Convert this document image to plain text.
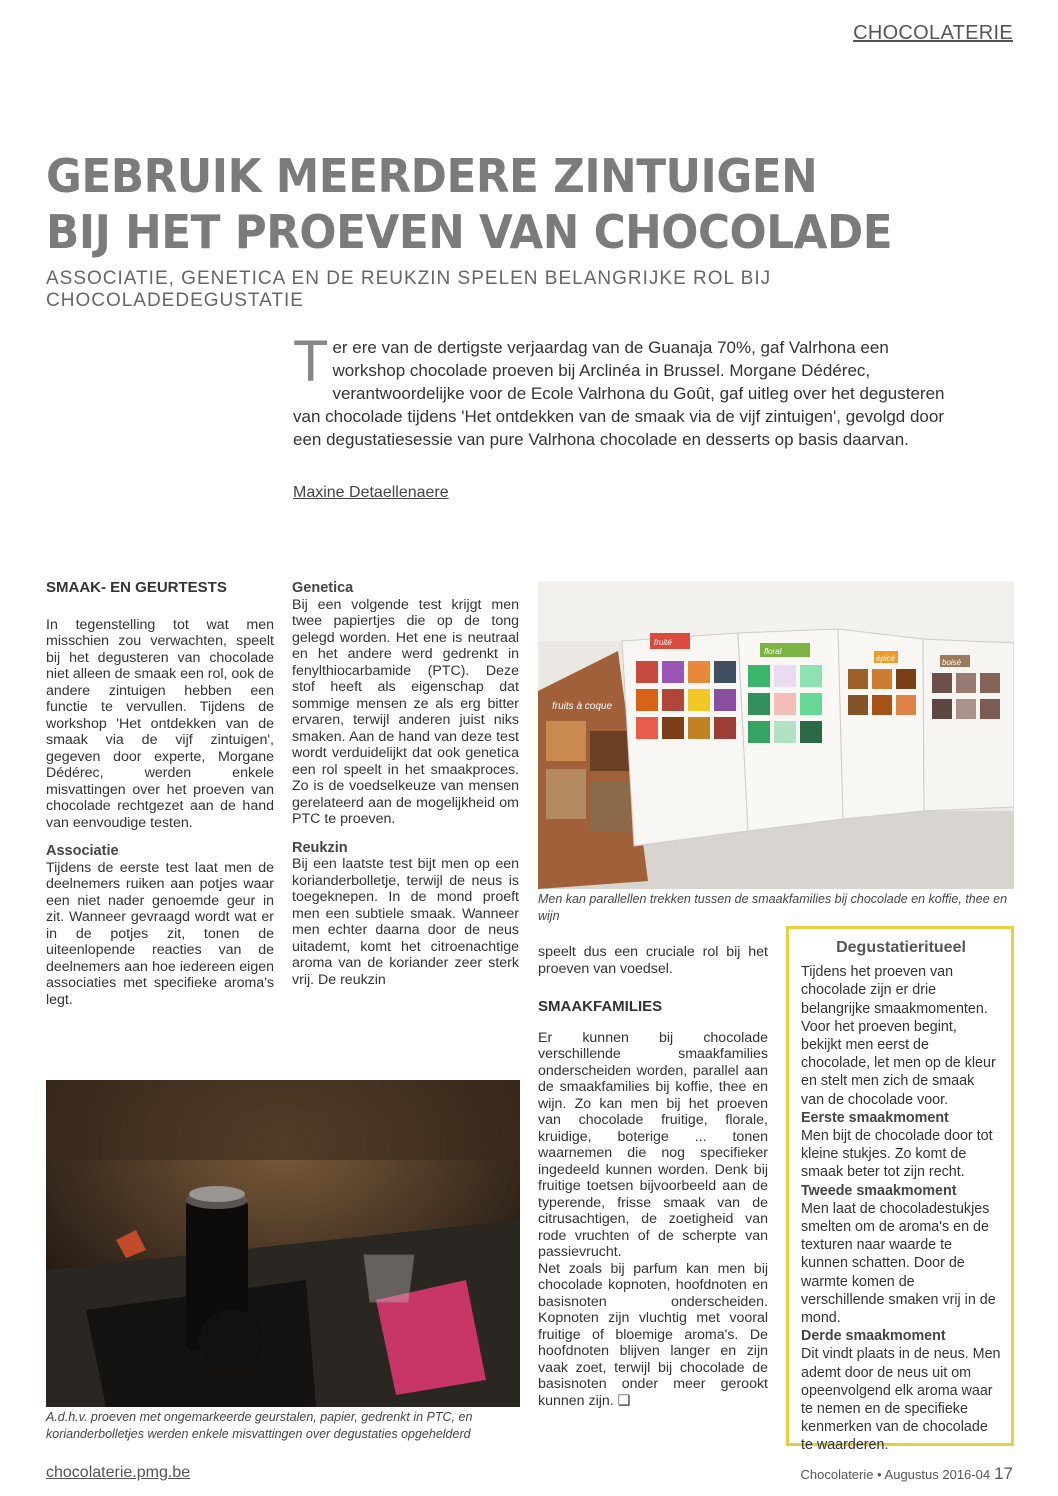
CHOCOLATERIE
GEBRUIK MEERDERE ZINTUIGEN
BIJ HET PROEVEN VAN CHOCOLADE
ASSOCIATIE, GENETICA EN DE REUKZIN SPELEN BELANGRIJKE ROL BIJ CHOCOLADEDEGUSTATIE
Ter ere van de dertigste verjaardag van de Guanaja 70%, gaf Valrhona een workshop chocolade proeven bij Arclinéa in Brussel. Morgane Dédérec, verantwoordelijke voor de Ecole Valrhona du Goût, gaf uitleg over het degusteren van chocolade tijdens 'Het ontdekken van de smaak via de vijf zintuigen', gevolgd door een degustatiesessie van pure Valrhona chocolade en desserts op basis daarvan.
Maxine Detaellenaere
SMAAK- EN GEURTESTS

In tegenstelling tot wat men misschien zou verwachten, speelt bij het degusteren van chocolade niet alleen de smaak een rol, ook de andere zintuigen hebben een functie te vervullen. Tijdens de workshop 'Het ontdekken van de smaak via de vijf zintuigen', gegeven door experte, Morgane Dédérec, werden enkele misvattingen over het proeven van chocolade rechtgezet aan de hand van eenvoudige testen.

Associatie

Tijdens de eerste test laat men de deelnemers ruiken aan potjes waar een niet nader genoemde geur in zit. Wanneer gevraagd wordt wat er in de potjes zit, tonen de uiteenlopende reacties van de deelnemers aan hoe iedereen eigen associaties met specifieke aroma's legt.

Genetica

Bij een volgende test krijgt men twee papiertjes die op de tong gelegd worden. Het ene is neutraal en het andere werd gedrenkt in fenylthiocarbamide (PTC). Deze stof heeft als eigenschap dat sommige mensen ze als erg bitter ervaren, terwijl anderen juist niks smaken. Aan de hand van deze test wordt verduidelijkt dat ook genetica een rol speelt in het smaakproces. Zo is de voedselkeuze van mensen gerelateerd aan de mogelijkheid om PTC te proeven.

Reukzin

Bij een laatste test bijt men op een korianderbolletje, terwijl de neus is toegeknepen. In de mond proeft men een subtiele smaak. Wanneer men echter daarna door de neus uitademt, komt het citroenachtige aroma van de koriander zeer sterk vrij. De reukzin

fruité
floral
épicé	boisé
fruits à coque
Men kan parallellen trekken tussen de smaakfamilies bij chocolade en koffie, thee en wijn

speelt dus een cruciale rol bij het proeven van voedsel.

SMAAKFAMILIES

Er kunnen bij chocolade verschillende smaakfamilies onderscheiden worden, parallel aan de smaakfamilies bij koffie, thee en wijn. Zo kan men bij het proeven van chocolade fruitige, florale, kruidige, boterige ... tonen waarnemen die nog specifieker ingedeeld kunnen worden. Denk bij fruitige toetsen bijvoorbeeld aan de typerende, frisse smaak van de citrusachtigen, de zoetigheid van rode vruchten of de scherpte van passievrucht.

Net zoals bij parfum kan men bij chocolade kopnoten, hoofdnoten en basisnoten onderscheiden. Kopnoten zijn vluchtig met vooral fruitige of bloemige aroma's. De hoofdnoten blijven langer en zijn vaak zoet, terwijl bij chocolade de basisnoten onder meer gerookt kunnen zijn. ❑

A.d.h.v. proeven met ongemarkeerde geurstalen, papier, gedrenkt in PTC, en korianderbolletjes werden enkele misvattingen over degustaties opgehelderd
Degustatieritueel

Tijdens het proeven van chocolade zijn er drie belangrijke smaakmomenten.

Voor het proeven begint, bekijkt men eerst de chocolade, let men op de kleur en stelt men zich de smaak van de chocolade voor.

Eerste smaakmoment

Men bijt de chocolade door tot kleine stukjes. Zo komt de smaak beter tot zijn recht.

Tweede smaakmoment

Men laat de chocoladestukjes smelten om de aroma's en de texturen naar waarde te kunnen schatten. Door de warmte komen de verschillende smaken vrij in de mond.

Derde smaakmoment

Dit vindt plaats in de neus. Men ademt door de neus uit om opeenvolgend elk aroma waar te nemen en de specifieke kenmerken van de chocolade te waarderen.

chocolaterie.pmg.be	Chocolaterie • Augustus 2016-04 17
